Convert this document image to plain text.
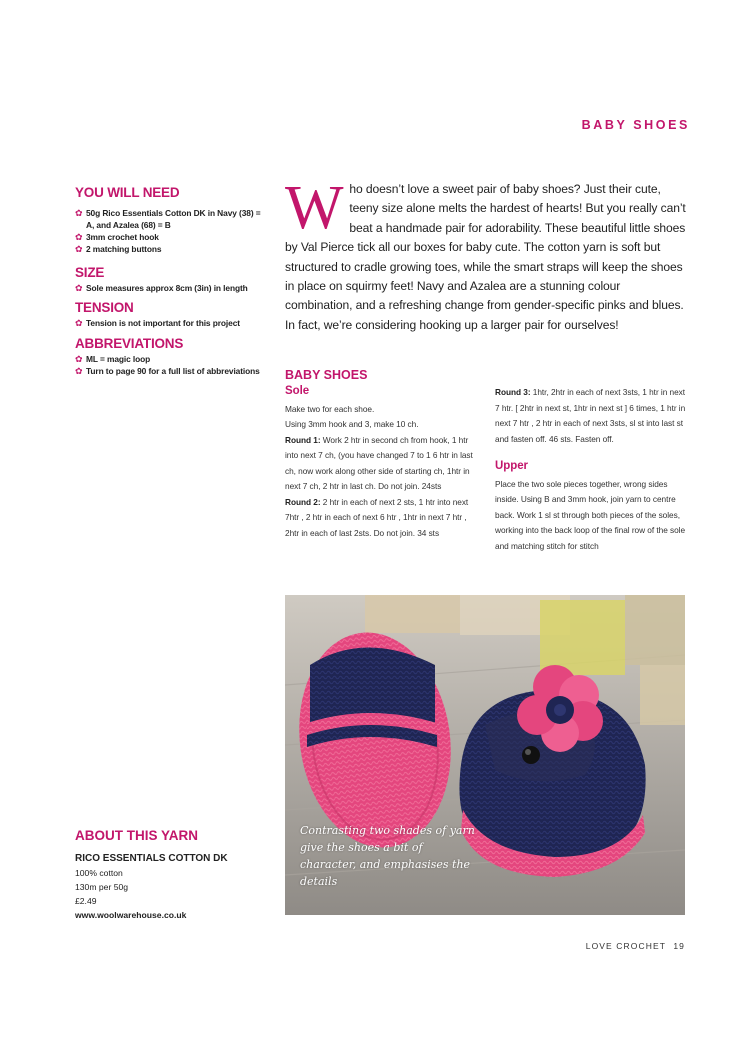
BABY SHOES
YOU WILL NEED
✿ 50g Rico Essentials Cotton DK in Navy (38) = A, and Azalea (68) = B
✿ 3mm crochet hook
✿ 2 matching buttons
SIZE
✿ Sole measures approx 8cm (3in) in length
TENSION
✿ Tension is not important for this project
ABBREVIATIONS
✿ ML = magic loop
✿ Turn to page 90 for a full list of abbreviations
Who doesn’t love a sweet pair of baby shoes? Just their cute, teeny size alone melts the hardest of hearts! But you really can’t beat a handmade pair for adorability. These beautiful little shoes by Val Pierce tick all our boxes for baby cute. The cotton yarn is soft but structured to cradle growing toes, while the smart straps will keep the shoes in place on squirmy feet! Navy and Azalea are a stunning colour combination, and a refreshing change from gender-specific pinks and blues. In fact, we’re considering hooking up a larger pair for ourselves!
BABY SHOES
Sole

Make two for each shoe.

Using 3mm hook and 3, make 10 ch.

Round 1: Work 2 htr in second ch from hook, 1 htr into next 7 ch, (you have changed 7 to 1 6 htr in last ch, now work along other side of starting ch, 1htr in next 7 ch, 2 htr in last ch. Do not join. 24sts

Round 2: 2 htr in each of next 2 sts, 1 htr into next 7htr , 2 htr in each of next 6 htr , 1htr in next 7 htr , 2htr in each of last 2sts. Do not join. 34 sts

Round 3: 1htr, 2htr in each of next 3sts, 1 htr in next 7 htr. [ 2htr in next st, 1htr in next st ] 6 times, 1 htr in next 7 htr , 2 htr in each of next 3sts, sl st into last st and fasten off. 46 sts. Fasten off.

Upper

Place the two sole pieces together, wrong sides inside. Using B and 3mm hook, join yarn to centre back. Work 1 sl st through both pieces of the soles, working into the back loop of the final row of the sole and matching stitch for stitch

Contrasting two shades of yarn give the shoes a bit of character, and emphasises the details
ABOUT THIS YARN
RICO ESSENTIALS COTTON DK
100% cotton
130m per 50g
£2.49
www.woolwarehouse.co.uk
LOVE CROCHET 19
